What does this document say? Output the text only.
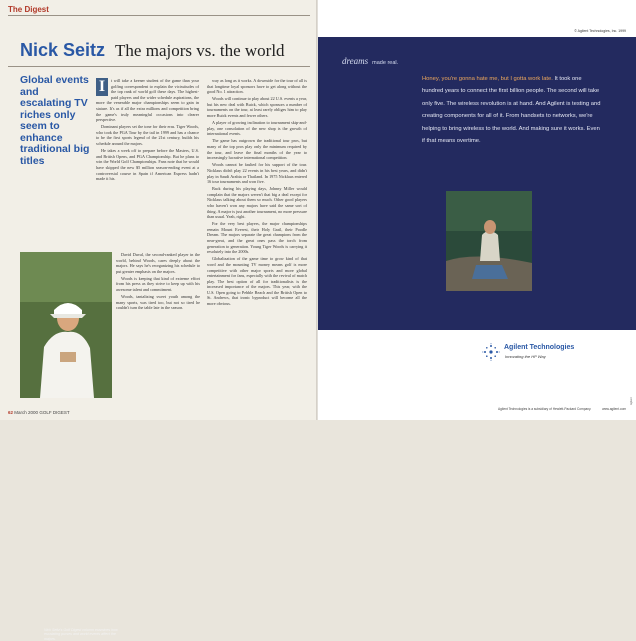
The Digest
Nick Seitz The majors vs. the world
Global events and escalating TV riches only seem to enhance traditional big titles

I	t will take a keener student of the game than your golfing correspondent to explain the vicissitudes of the top rank of world golf these days. The highest-paid players and the wider schedule aspirations, the more the venerable major championships seem to gain in stature. It's as if all the extra millions and competition bring the game's truly meaningful occasions into clearer perspective.

Dominant players set the tone for their eras. Tiger Woods, who took the PGA Tour by the tail in 1999 and has a chance to be the first sports legend of the 21st century, builds his schedule around the majors.

He takes a week off to prepare before the Masters, U.S. and British Opens, and PGA Championship. But he plans to win the World Golf Championships. Fans note that he would have skipped the new $5 million season-ending event at a controversial course in Spain if American Express hadn't made it his.

Nick Seitz's Golf Digest column examines how escalating purses and world events affect the majors.

David Duval, the second-ranked player in the world, behind Woods, cares deeply about the majors. He says he's reorganizing his schedule to put greater emphasis on the majors.

Woods is keeping that kind of extreme effort from his press as they strive to keep up with his awesome talent and commitment.

Woods, tantalizing sweet youth among the many sports, was tired too, but not so tired he couldn't turn the table late in the season.

way as long as it works. A downside for the tour of all is that longtime loyal sponsors have to get along without the good No. 1 attraction.

Woods will continue to play about 22 U.S. events a year, but his new deal with Buick, which sponsors a number of tournaments on the tour, at least rarely obliges him to play more Buick events and fewer others.

A player of growing inclination to tournament skip-and-play, one consolation of the new shop is the growth of international events.

The game has outgrown the traditional tour pros, but many of the top pros play only the minimum required by the tour, and leave the final months of the year to increasingly lucrative international competition.

Woods cannot be faulted for his support of the tour. Nicklaus didn't play 22 events in his best years, and didn't play in Saudi Arabia or Thailand. In 1975 Nicklaus entered 16 tour tournaments and won five.

Back during his playing days, Johnny Miller would complain that the majors weren't that big a deal except for Nicklaus talking about them so much. Other good players who haven't won any majors have said the same sort of thing. A major is just another tournament, no more pressure than usual. Yeah, right.

For the very best players, the major championships remain Mount Everest, their Holy Grail, their Poodle Dream. The majors separate the great champions from the near-great, and the great ones pass the torch from generation to generation. Young Tiger Woods is carrying it resolutely into the 2000s.

Globalization of the game time to grow kind of that word and the mounting TV money means golf is more competitive with other major sports and more global entertainment for fans, especially with the revival of match play. The best option of all for traditionalists is the increased importance of the majors. This year, with the U.S. Open going to Pebble Beach and the British Open to St. Andrews, that ironic byproduct will become all the more obvious.

62 March 2000 GOLF DIGEST
© Agilent Technologies, Inc. 1999
dreams made real.
Honey, you're gonna hate me, but I gotta work late. It took one hundred years to connect the first billion people. The second will take only five. The wireless revolution is at hand. And Agilent is testing and creating components for all of it. From handsets to networks, we're helping to bring wireless to the world. And making sure it works. Even if that means overtime.
Agilent
Agilent Technologies
Innovating the HP Way
Agilent Technologies is a subsidiary of Hewlett-Packard Company.	www.agilent.com
